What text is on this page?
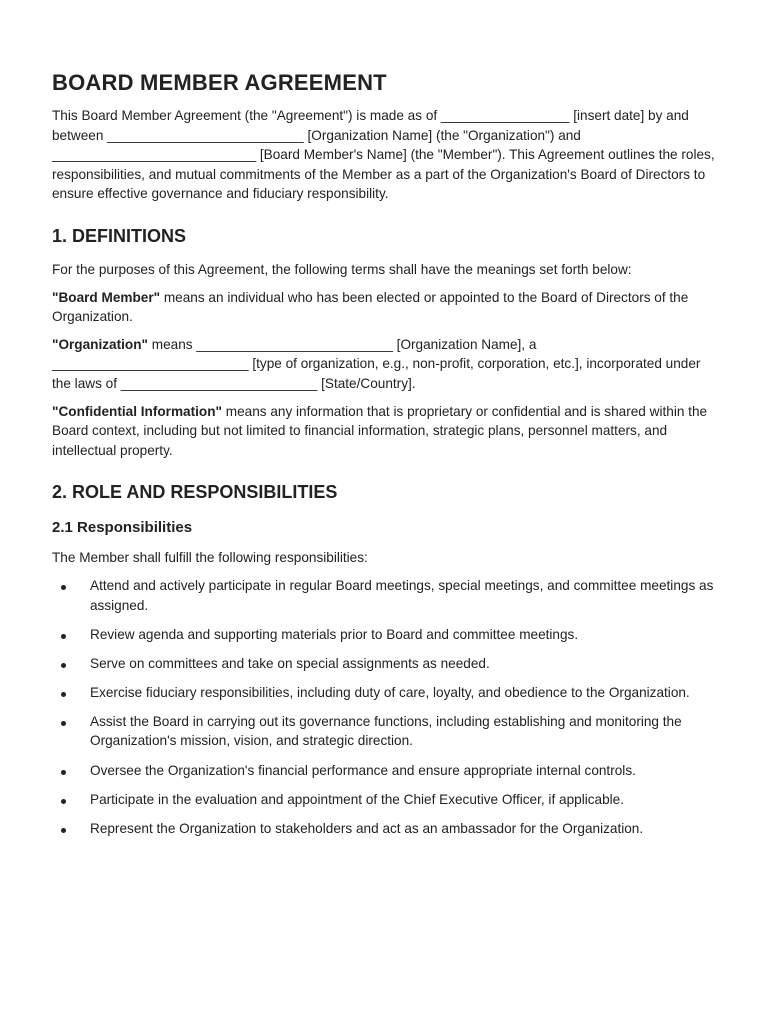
BOARD MEMBER AGREEMENT

This Board Member Agreement (the "Agreement") is made as of _________________ [insert date] by and between __________________________ [Organization Name] (the "Organization") and ___________________________ [Board Member's Name] (the "Member"). This Agreement outlines the roles, responsibilities, and mutual commitments of the Member as a part of the Organization's Board of Directors to ensure effective governance and fiduciary responsibility.

1. DEFINITIONS

For the purposes of this Agreement, the following terms shall have the meanings set forth below:

"Board Member" means an individual who has been elected or appointed to the Board of Directors of the Organization.

"Organization" means __________________________ [Organization Name], a __________________________ [type of organization, e.g., non-profit, corporation, etc.], incorporated under the laws of __________________________ [State/Country].

"Confidential Information" means any information that is proprietary or confidential and is shared within the Board context, including but not limited to financial information, strategic plans, personnel matters, and intellectual property.

2. ROLE AND RESPONSIBILITIES
2.1 Responsibilities

The Member shall fulfill the following responsibilities:

Attend and actively participate in regular Board meetings, special meetings, and committee meetings as assigned.
Review agenda and supporting materials prior to Board and committee meetings.
Serve on committees and take on special assignments as needed.
Exercise fiduciary responsibilities, including duty of care, loyalty, and obedience to the Organization.
Assist the Board in carrying out its governance functions, including establishing and monitoring the Organization's mission, vision, and strategic direction.
Oversee the Organization's financial performance and ensure appropriate internal controls.
Participate in the evaluation and appointment of the Chief Executive Officer, if applicable.
Represent the Organization to stakeholders and act as an ambassador for the Organization.
